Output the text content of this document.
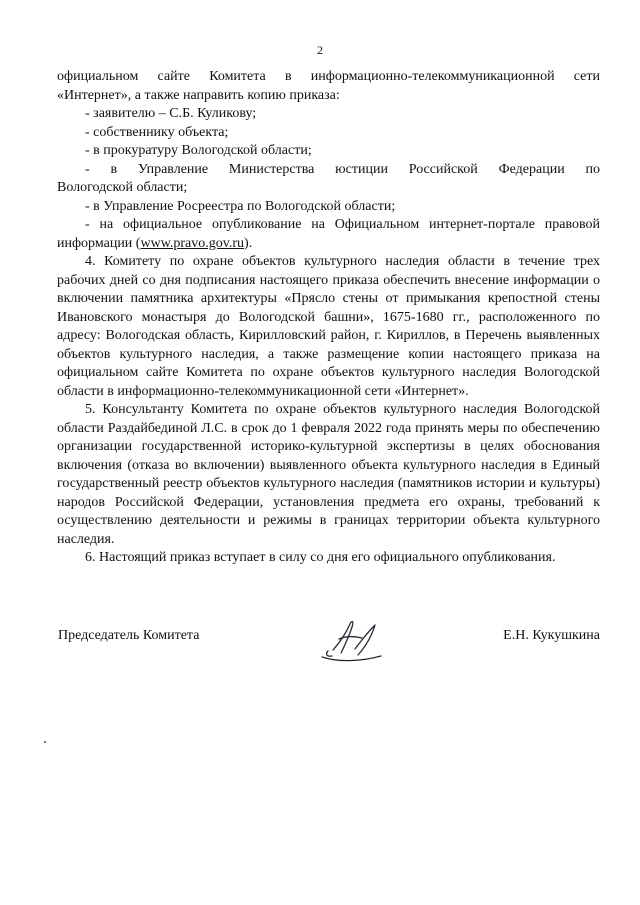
2

официальном сайте Комитета в информационно-телекоммуникационной сети

«Интернет», а также направить копию приказа:

- заявителю – С.Б. Куликову;

- собственнику объекта;

- в прокуратуру Вологодской области;

- в Управление Министерства юстиции Российской Федерации по

Вологодской области;

- в Управление Росреестра по Вологодской области;

- на официальное опубликование на Официальном интернет-портале правовой

информации (www.pravo.gov.ru).

4. Комитету по охране объектов культурного наследия области в течение трех рабочих дней со дня подписания настоящего приказа обеспечить внесение информации о включении памятника архитектуры «Прясло стены от примыкания крепостной стены Ивановского монастыря до Вологодской башни», 1675-1680 гг., расположенного по адресу: Вологодская область, Кирилловский район, г. Кириллов, в Перечень выявленных объектов культурного наследия, а также размещение копии настоящего приказа на официальном сайте Комитета по охране объектов культурного наследия Вологодской области в информационно-телекоммуникационной сети «Интернет».

5. Консультанту Комитета по охране объектов культурного наследия Вологодской области Раздайбединой Л.С. в срок до 1 февраля 2022 года принять меры по обеспечению организации государственной историко-культурной экспертизы в целях обоснования включения (отказа во включении) выявленного объекта культурного наследия в Единый государственный реестр объектов культурного наследия (памятников истории и культуры) народов Российской Федерации, установления предмета его охраны, требований к осуществлению деятельности и режимы в границах территории объекта культурного наследия.

6. Настоящий приказ вступает в силу со дня его официального опубликования.

Председатель Комитета	Е.Н. Кукушкина
